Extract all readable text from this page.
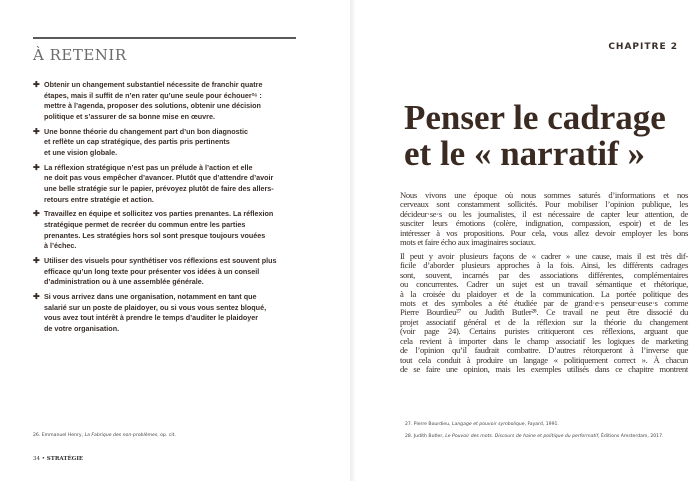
À RETENIR
✚ Obtenir un changement substantiel nécessite de franchir quatre
étapes, mais il suffit de n’en rater qu’une seule pour échouer²⁶ :
mettre à l’agenda, proposer des solutions, obtenir une décision
politique et s’assurer de sa bonne mise en œuvre.
✚ Une bonne théorie du changement part d’un bon diagnostic
et reflète un cap stratégique, des partis pris pertinents
et une vision globale.
✚ La réflexion stratégique n’est pas un prélude à l’action et elle
ne doit pas vous empêcher d’avancer. Plutôt que d’attendre d’avoir
une belle stratégie sur le papier, prévoyez plutôt de faire des allers-
retours entre stratégie et action.
✚ Travaillez en équipe et sollicitez vos parties prenantes. La réflexion
stratégique permet de recréer du commun entre les parties
prenantes. Les stratégies hors sol sont presque toujours vouées
à l’échec.
✚ Utiliser des visuels pour synthétiser vos réflexions est souvent plus
efficace qu’un long texte pour présenter vos idées à un conseil
d’administration ou à une assemblée générale.
✚ Si vous arrivez dans une organisation, notamment en tant que
salarié sur un poste de plaidoyer, ou si vous vous sentez bloqué,
vous avez tout intérêt à prendre le temps d’auditer le plaidoyer
de votre organisation.
26. Emmanuel Henry, La Fabrique des non-problèmes, op. cit.
34 • STRATÉGIE
CHAPITRE 2
Penser le cadrage
et le « narratif »
Nous vivons une époque où nous sommes saturés d’informations et nos
cerveaux sont constamment sollicités. Pour mobiliser l’opinion publique, les
décideur·se·s ou les journalistes, il est nécessaire de capter leur attention, de
susciter leurs émotions (colère, indignation, compassion, espoir) et de les
intéresser à vos propositions. Pour cela, vous allez devoir employer les bons
mots et faire écho aux imaginaires sociaux.
Il peut y avoir plusieurs façons de « cadrer » une cause, mais il est très dif-
ficile d’aborder plusieurs approches à la fois. Ainsi, les différents cadrages
sont, souvent, incarnés par des associations différentes, complémentaires
ou concurrentes. Cadrer un sujet est un travail sémantique et rhétorique,
à la croisée du plaidoyer et de la communication. La portée politique des
mots et des symboles a été étudiée par de grand·e·s penseur·euse·s comme
Pierre Bourdieu²⁷ ou Judith Butler²⁸. Ce travail ne peut être dissocié du
projet associatif général et de la réflexion sur la théorie du changement
(voir page 24). Certains puristes critiqueront ces réflexions, arguant que
cela revient à importer dans le champ associatif les logiques de marketing
de l’opinion qu’il faudrait combattre. D’autres rétorqueront à l’inverse que
tout cela conduit à produire un langage « politiquement correct ». À chacun
de se faire une opinion, mais les exemples utilisés dans ce chapitre montrent
27. Pierre Bourdieu, Langage et pouvoir symbolique, Fayard, 1991.
28. Judith Butler, Le Pouvoir des mots. Discours de haine et politique du performatif, Éditions Amsterdam, 2017.
